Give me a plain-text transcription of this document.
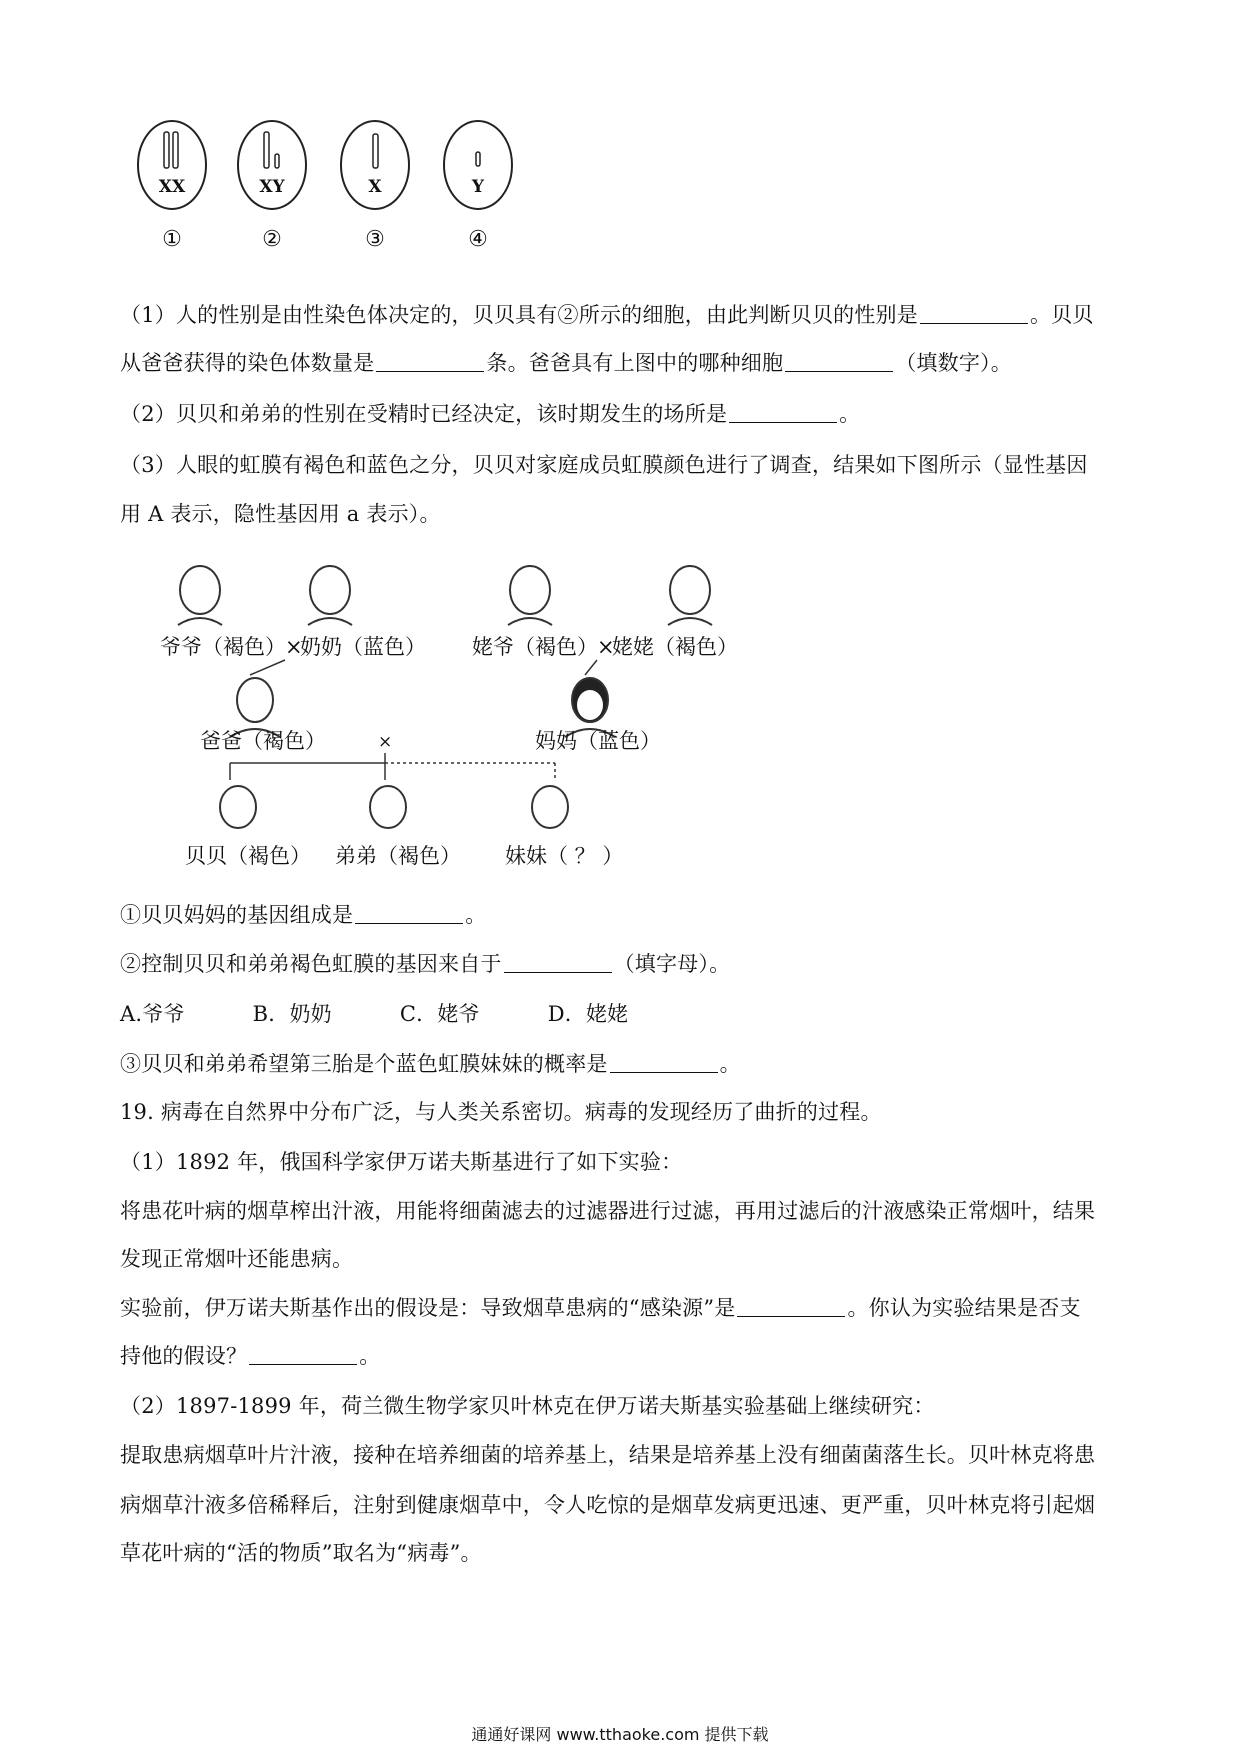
XX
①
XY
②
X
③
Y
④
（1）人的性别是由性染色体决定的，贝贝具有②所示的细胞，由此判断贝贝的性别是	。贝贝
从爸爸获得的染色体数量是	条。爸爸具有上图中的哪种细胞	（填数字）。
（2）贝贝和弟弟的性别在受精时已经决定，该时期发生的场所是	。
（3）人眼的虹膜有褐色和蓝色之分，贝贝对家庭成员虹膜颜色进行了调查，结果如下图所示（显性基因
用 A 表示，隐性基因用 a 表示）。
爷爷（褐色） ×
奶奶（蓝色） 姥爷（褐色） ×
姥姥（褐色）
爸爸（褐色）	×	妈妈（蓝色）
贝贝（褐色） 弟弟（褐色） 妹妹（ ？ ）
①贝贝妈妈的基因组成是	。
②控制贝贝和弟弟褐色虹膜的基因来自于	（填字母）。
A.爷爷	B．奶奶	C．姥爷	D．姥姥
③贝贝和弟弟希望第三胎是个蓝色虹膜妹妹的概率是	。
19. 病毒在自然界中分布广泛，与人类关系密切。病毒的发现经历了曲折的过程。
（1）1892 年，俄国科学家伊万诺夫斯基进行了如下实验：
将患花叶病的烟草榨出汁液，用能将细菌滤去的过滤器进行过滤，再用过滤后的汁液感染正常烟叶，结果
发现正常烟叶还能患病。
实验前，伊万诺夫斯基作出的假设是：导致烟草患病的“感染源”是	。你认为实验结果是否支
持他的假设？	。
（2）1897-1899 年，荷兰微生物学家贝叶林克在伊万诺夫斯基实验基础上继续研究：
提取患病烟草叶片汁液，接种在培养细菌的培养基上，结果是培养基上没有细菌菌落生长。贝叶林克将患
病烟草汁液多倍稀释后，注射到健康烟草中，令人吃惊的是烟草发病更迅速、更严重，贝叶林克将引起烟
草花叶病的“活的物质”取名为“病毒”。
通通好课网 www.tthaoke.com 提供下载
